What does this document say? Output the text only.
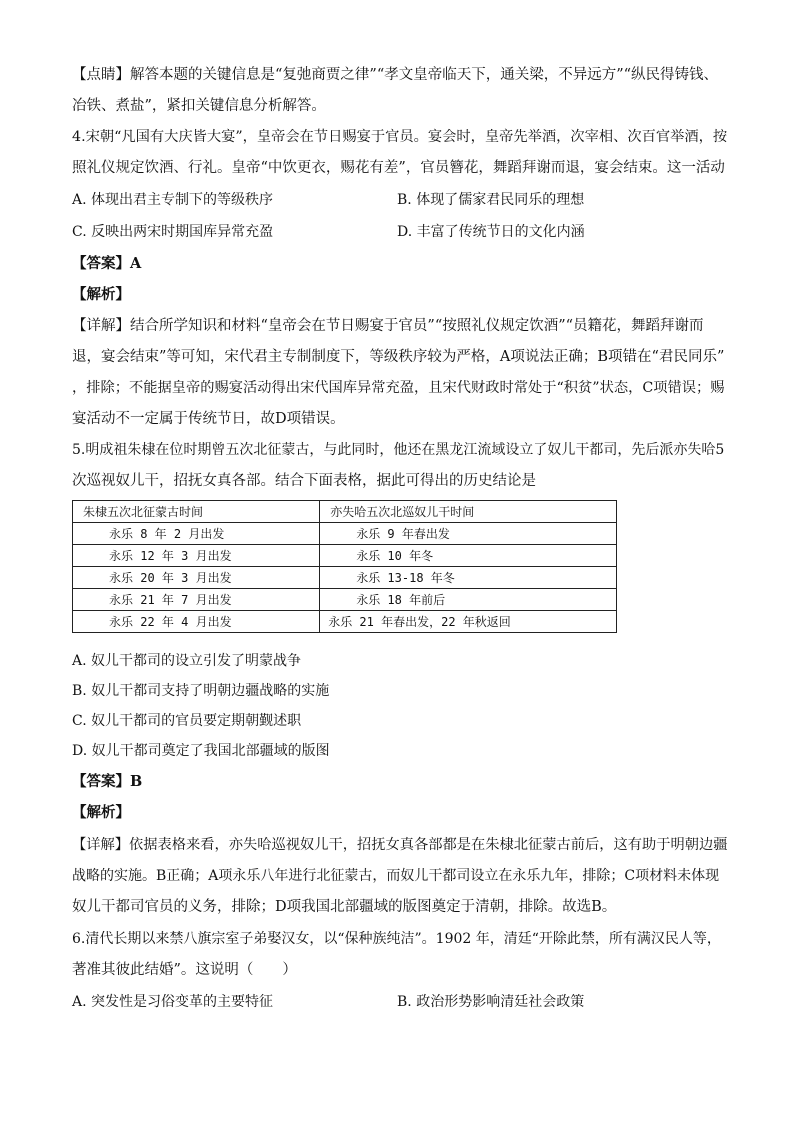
【点睛】解答本题的关键信息是“复弛商贾之律”“孝文皇帝临天下，通关梁，不异远方”“纵民得铸钱、
冶铁、煮盐”，紧扣关键信息分析解答。
4.宋朝“凡国有大庆皆大宴”，皇帝会在节日赐宴于官员。宴会时，皇帝先举酒，次宰相、次百官举酒，按
照礼仪规定饮酒、行礼。皇帝“中饮更衣，赐花有差”，官员簪花，舞蹈拜谢而退，宴会结束。这一活动
A. 体现出君主专制下的等级秩序	B. 体现了儒家君民同乐的理想
C. 反映出两宋时期国库异常充盈	D. 丰富了传统节日的文化内涵
【答案】A
【解析】
【详解】结合所学知识和材料“皇帝会在节日赐宴于官员”“按照礼仪规定饮酒”“员籍花，舞蹈拜谢而
退，宴会结束”等可知，宋代君主专制制度下，等级秩序较为严格，A项说法正确；B项错在“君民同乐”
，排除；不能据皇帝的赐宴活动得出宋代国库异常充盈，且宋代财政时常处于“积贫”状态，C项错误；赐
宴活动不一定属于传统节日，故D项错误。
5.明成祖朱棣在位时期曾五次北征蒙古，与此同时，他还在黑龙江流域设立了奴儿干都司，先后派亦失哈5
次巡视奴儿干，招抚女真各部。结合下面表格，据此可得出的历史结论是
朱棣五次北征蒙古时间	亦失哈五次北巡奴儿干时间
永乐 8 年 2 月出发	永乐 9 年春出发
永乐 12 年 3 月出发	永乐 10 年冬
永乐 20 年 3 月出发	永乐 13-18 年冬
永乐 21 年 7 月出发	永乐 18 年前后
永乐 22 年 4 月出发	永乐 21 年春出发，22 年秋返回
A. 奴儿干都司的设立引发了明蒙战争
B. 奴儿干都司支持了明朝边疆战略的实施
C. 奴儿干都司的官员要定期朝觐述职
D. 奴儿干都司奠定了我国北部疆域的版图
【答案】B
【解析】
【详解】依据表格来看，亦失哈巡视奴儿干，招抚女真各部都是在朱棣北征蒙古前后，这有助于明朝边疆
战略的实施。B正确；A项永乐八年进行北征蒙古，而奴儿干都司设立在永乐九年，排除；C项材料未体现
奴儿干都司官员的义务，排除；D项我国北部疆域的版图奠定于清朝，排除。故选B。
6.清代长期以来禁八旗宗室子弟娶汉女，以“保种族纯洁”。1902 年，清廷“开除此禁，所有满汉民人等，
著准其彼此结婚”。这说明（　　）
A. 突发性是习俗变革的主要特征	B. 政治形势影响清廷社会政策
